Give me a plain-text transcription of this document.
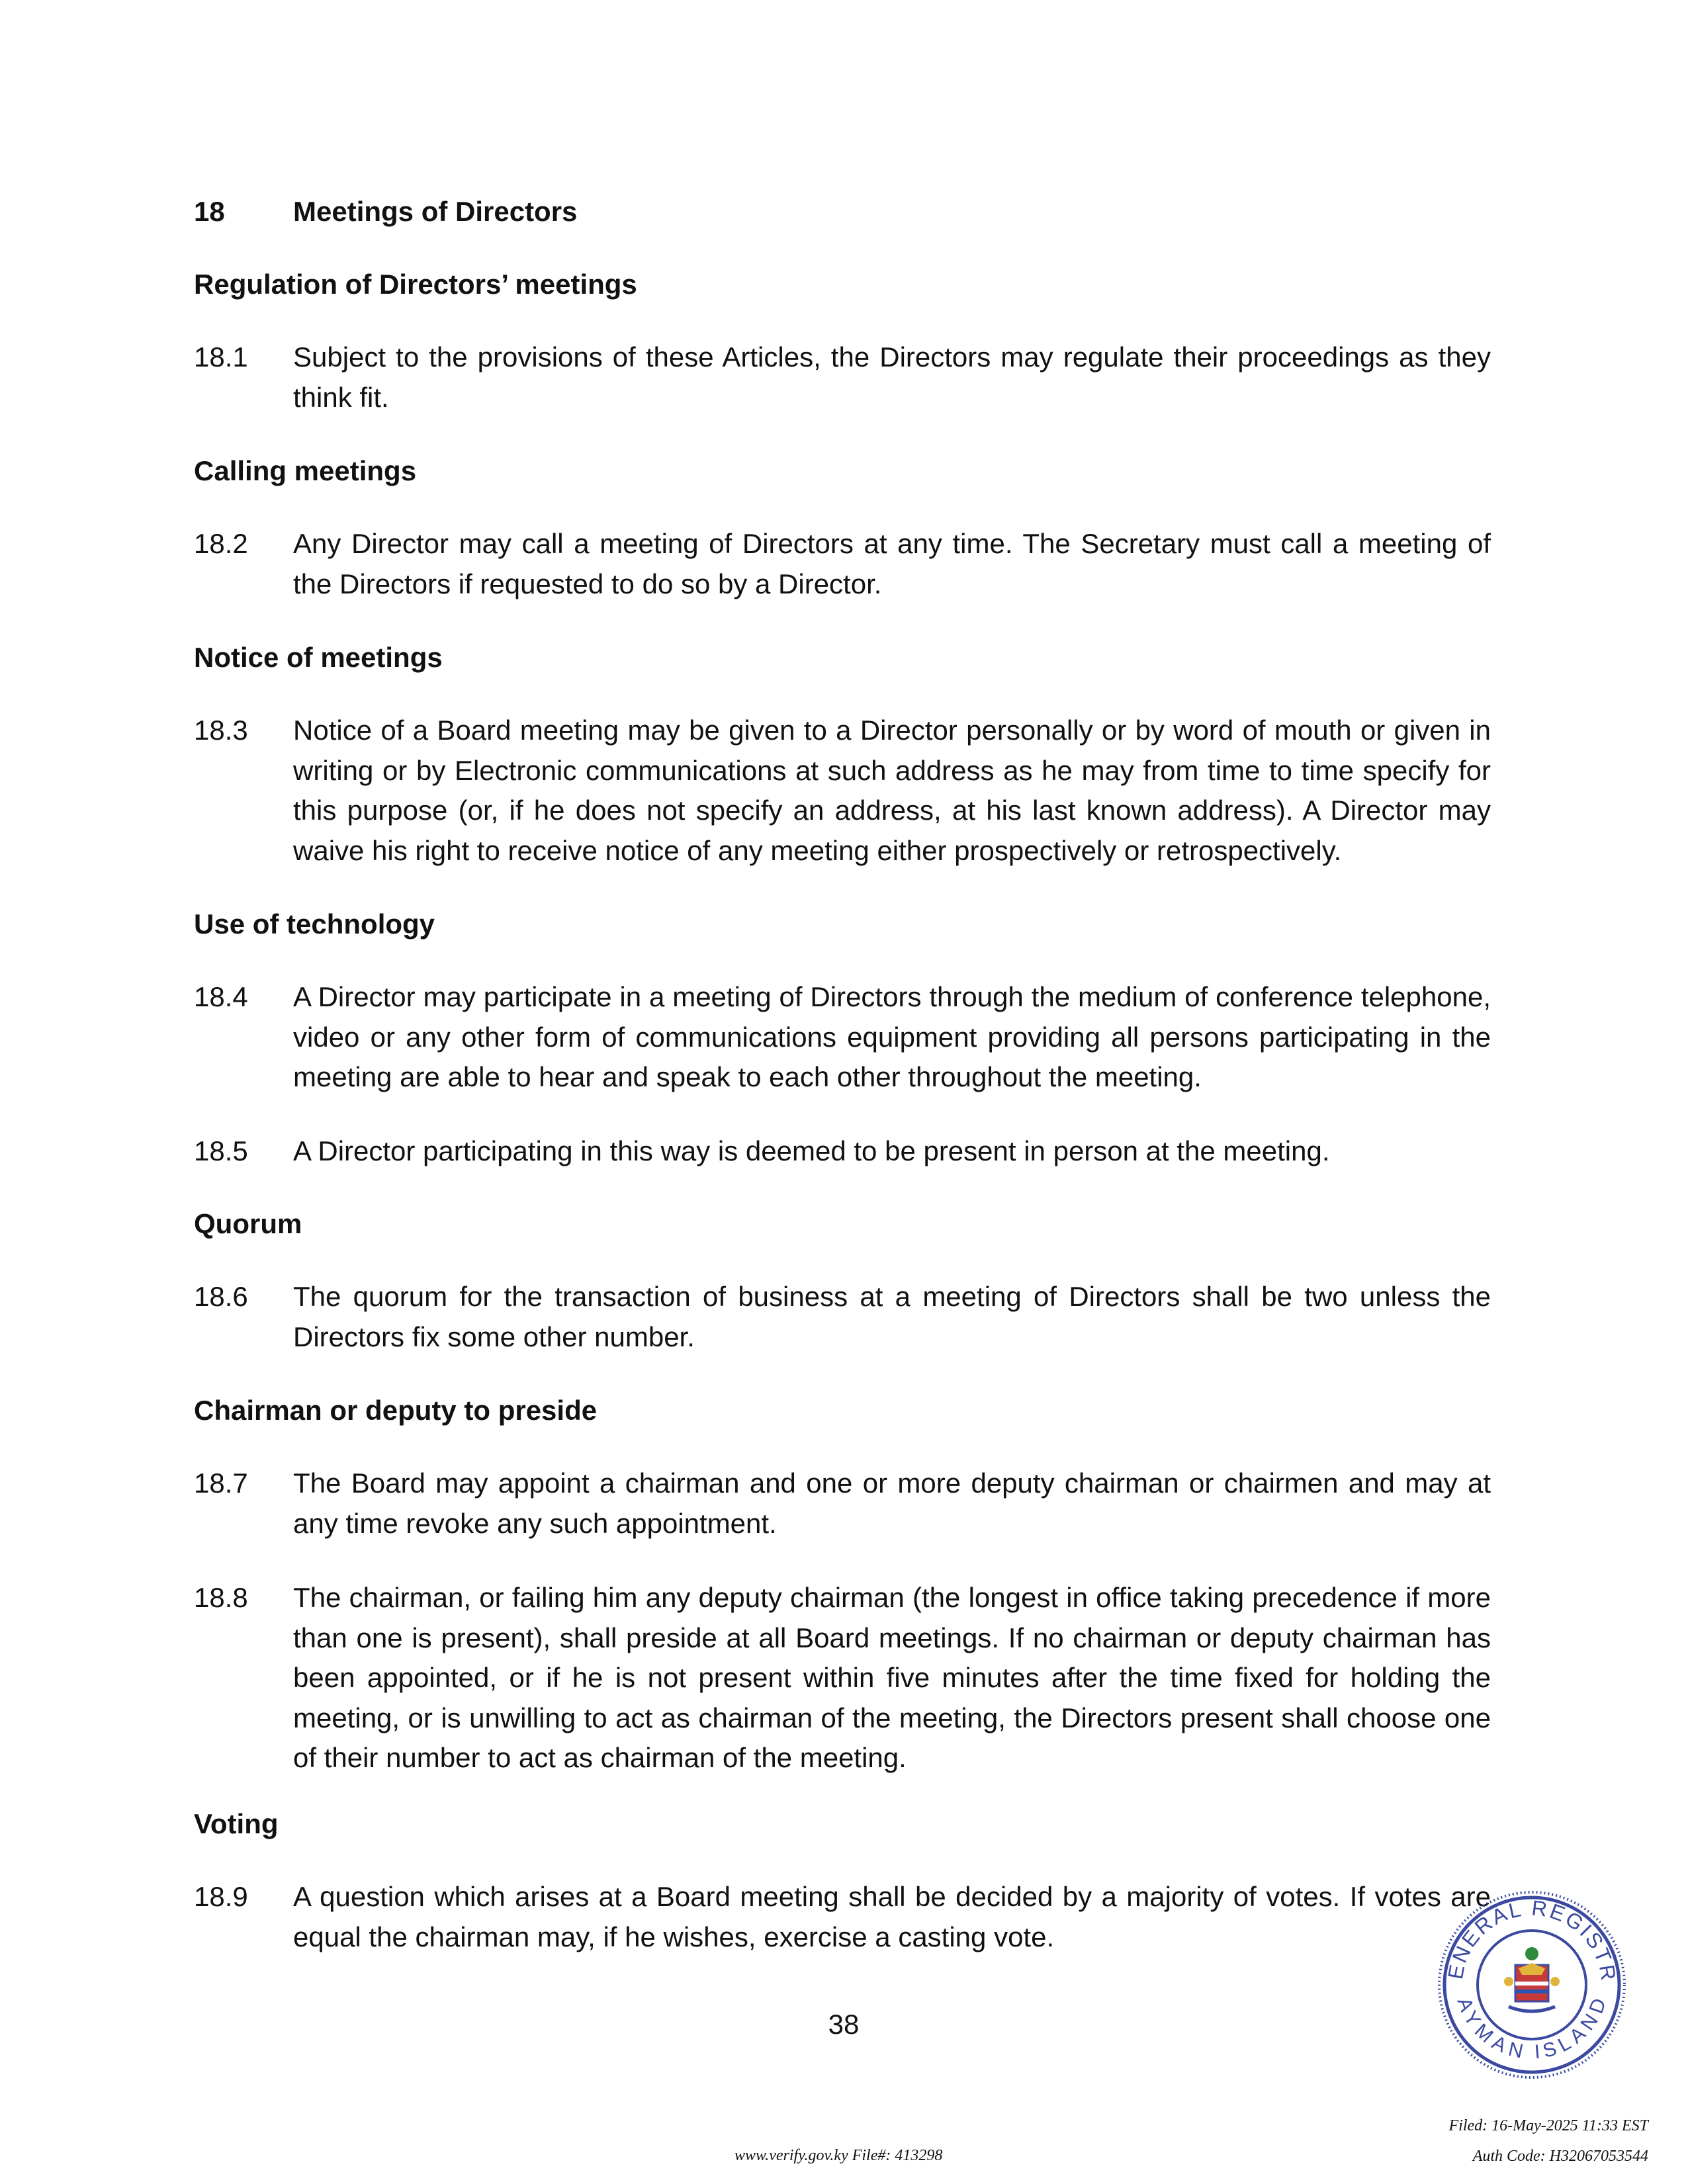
18 Meetings of Directors
Regulation of Directors’ meetings
18.1 Subject to the provisions of these Articles, the Directors may regulate their proceedings as they think fit.
Calling meetings
18.2 Any Director may call a meeting of Directors at any time. The Secretary must call a meeting of the Directors if requested to do so by a Director.
Notice of meetings
18.3 Notice of a Board meeting may be given to a Director personally or by word of mouth or given in writing or by Electronic communications at such address as he may from time to time specify for this purpose (or, if he does not specify an address, at his last known address). A Director may waive his right to receive notice of any meeting either prospectively or retrospectively.
Use of technology
18.4 A Director may participate in a meeting of Directors through the medium of conference telephone, video or any other form of communications equipment providing all persons participating in the meeting are able to hear and speak to each other throughout the meeting.
18.5 A Director participating in this way is deemed to be present in person at the meeting.
Quorum
18.6 The quorum for the transaction of business at a meeting of Directors shall be two unless the Directors fix some other number.
Chairman or deputy to preside
18.7 The Board may appoint a chairman and one or more deputy chairman or chairmen and may at any time revoke any such appointment.
18.8 The chairman, or failing him any deputy chairman (the longest in office taking precedence if more than one is present), shall preside at all Board meetings. If no chairman or deputy chairman has been appointed, or if he is not present within five minutes after the time fixed for holding the meeting, or is unwilling to act as chairman of the meeting, the Directors present shall choose one of their number to act as chairman of the meeting.
Voting
18.9 A question which arises at a Board meeting shall be decided by a majority of votes. If votes are equal the chairman may, if he wishes, exercise a casting vote.
38
ENERAL REGISTR
AYMAN ISLAND
Filed: 16-May-2025 11:33 EST
Auth Code: H32067053544
www.verify.gov.ky File#: 413298
